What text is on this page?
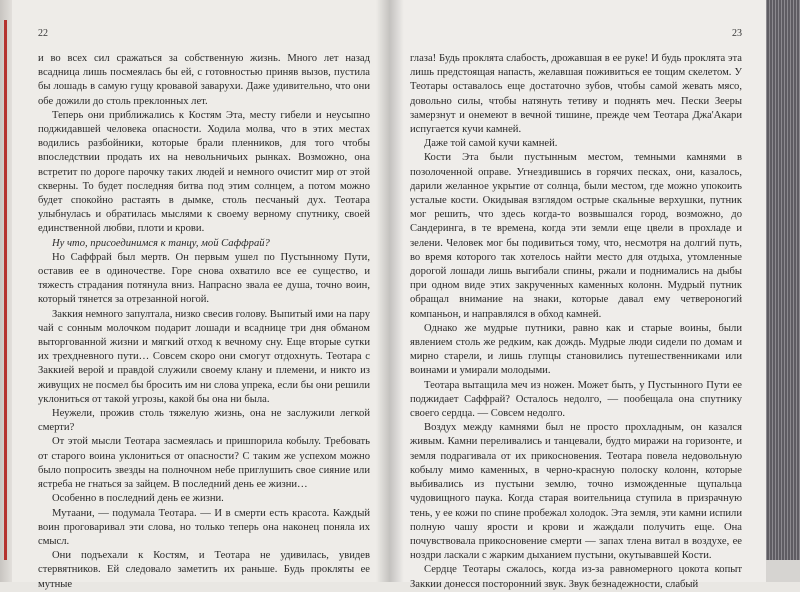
22

и во всех сил сражаться за собственную жизнь. Много лет назад всадница лишь посмеялась бы ей, с готовностью приняв вызов, пустила бы лошадь в самую гущу кровавой заварухи. Даже удивительно, что они обе дожили до столь преклонных лет.

Теперь они приближались к Костям Эта, месту гибели и неусыпно поджидавшей человека опасности. Ходила молва, что в этих местах водились разбойники, которые брали пленников, для того чтобы впоследствии продать их на невольничьих рынках. Возможно, она встретит по дороге парочку таких людей и немного очистит мир от этой скверны. То будет последняя битва под этим солнцем, а потом можно будет спокойно растаять в дымке, столь песчаный дух. Теотара улыбнулась и обратилась мыслями к своему верному спутнику, своей единственной любви, плоти и крови.

Ну что, присоединимся к танцу, мой Саффрай?

Но Саффрай был мертв. Он первым ушел по Пустынному Пути, оставив ее в одиночестве. Горе снова охватило все ее существо, и тяжесть страдания потянула вниз. Напрасно звала ее душа, точно воин, который тянется за отрезанной ногой.

Заккия немного запултала, низко свесив голову. Выпитый ими на пару чай с сонным молочком подарит лошади и всаднице три дня обманом выторгованной жизни и мягкий отход к вечному сну. Еще вторые сутки их трехдневного пути… Совсем скоро они смогут отдохнуть. Теотара с Заккией верой и правдой служили своему клану и племени, и никто из живущих не посмел бы бросить им ни слова упрека, если бы они решили уклониться от такой угрозы, какой бы она ни была.

Неужели, прожив столь тяжелую жизнь, она не заслужили легкой смерти?

От этой мысли Теотара засмеялась и пришпорила кобылу. Требовать от старого воина уклониться от опасности? С таким же успехом можно было попросить звезды на полночном небе приглушить свое сияние или ястреба не гнаться за зайцем. В последний день ее жизни…

Особенно в последний день ее жизни.

Мутаани, — подумала Теотара. — И в смерти есть красота. Каждый воин проговаривал эти слова, но только теперь она наконец поняла их смысл.

Они подъехали к Костям, и Теотара не удивилась, увидев стервятников. Ей следовало заметить их раньше. Будь прокляты ее мутные

23

глаза! Будь проклята слабость, дрожавшая в ее руке! И будь проклята эта лишь предстоящая напасть, желавшая поживиться ее тощим скелетом. У Теотары оставалось еще достаточно зубов, чтобы самой жевать мясо, довольно силы, чтобы натянуть тетиву и поднять меч. Пески Зееры замерзнут и онемеют в вечной тишине, прежде чем Теотара Джа'Акари испугается кучи камней.

Даже той самой кучи камней.

Кости Эта были пустынным местом, темными камнями в позолоченной оправе. Угнездившись в горячих песках, они, казалось, дарили желанное укрытие от солнца, были местом, где можно упокоить усталые кости. Окидывая взглядом острые скальные верхушки, путник мог решить, что здесь когда-то возвышался город, возможно, до Сандеринга, в те времена, когда эти земли еще цвели в прохладе и зелени. Человек мог бы подивиться тому, что, несмотря на долгий путь, во время которого так хотелось найти место для отдыха, утомленные дорогой лошади лишь выгибали спины, ржали и поднимались на дыбы при одном виде этих закрученных каменных колонн. Мудрый путник обращал внимание на знаки, которые давал ему четвероногий компаньон, и направлялся в обход камней.

Однако же мудрые путники, равно как и старые воины, были явлением столь же редким, как дождь. Мудрые люди сидели по домам и мирно старели, и лишь глупцы становились путешественниками или воинами и умирали молодыми.

Теотара вытащила меч из ножен. Может быть, у Пустынного Пути ее поджидает Саффрай? Осталось недолго, — пообещала она спутнику своего сердца. — Совсем недолго.

Воздух между камнями был не просто прохладным, он казался живым. Камни переливались и танцевали, будто миражи на горизонте, и земля подрагивала от их прикосновения. Теотара повела недовольную кобылу мимо каменных, в черно-красную полоску колонн, которые выбивались из пустыни землю, точно изможденные щупальца чудовищного паука. Когда старая воительница ступила в призрачную тень, у ее кожи по спине пробежал холодок. Эта земля, эти камни испили полную чашу ярости и крови и жаждали получить еще. Она почувствовала прикосновение смерти — запах тлена витал в воздухе, ее ноздри ласкали с жарким дыханием пустыни, окутывавшей Кости.

Сердце Теотары сжалось, когда из-за равномерного цокота копыт Заккии донесся посторонний звук. Звук безнадежности, слабый
